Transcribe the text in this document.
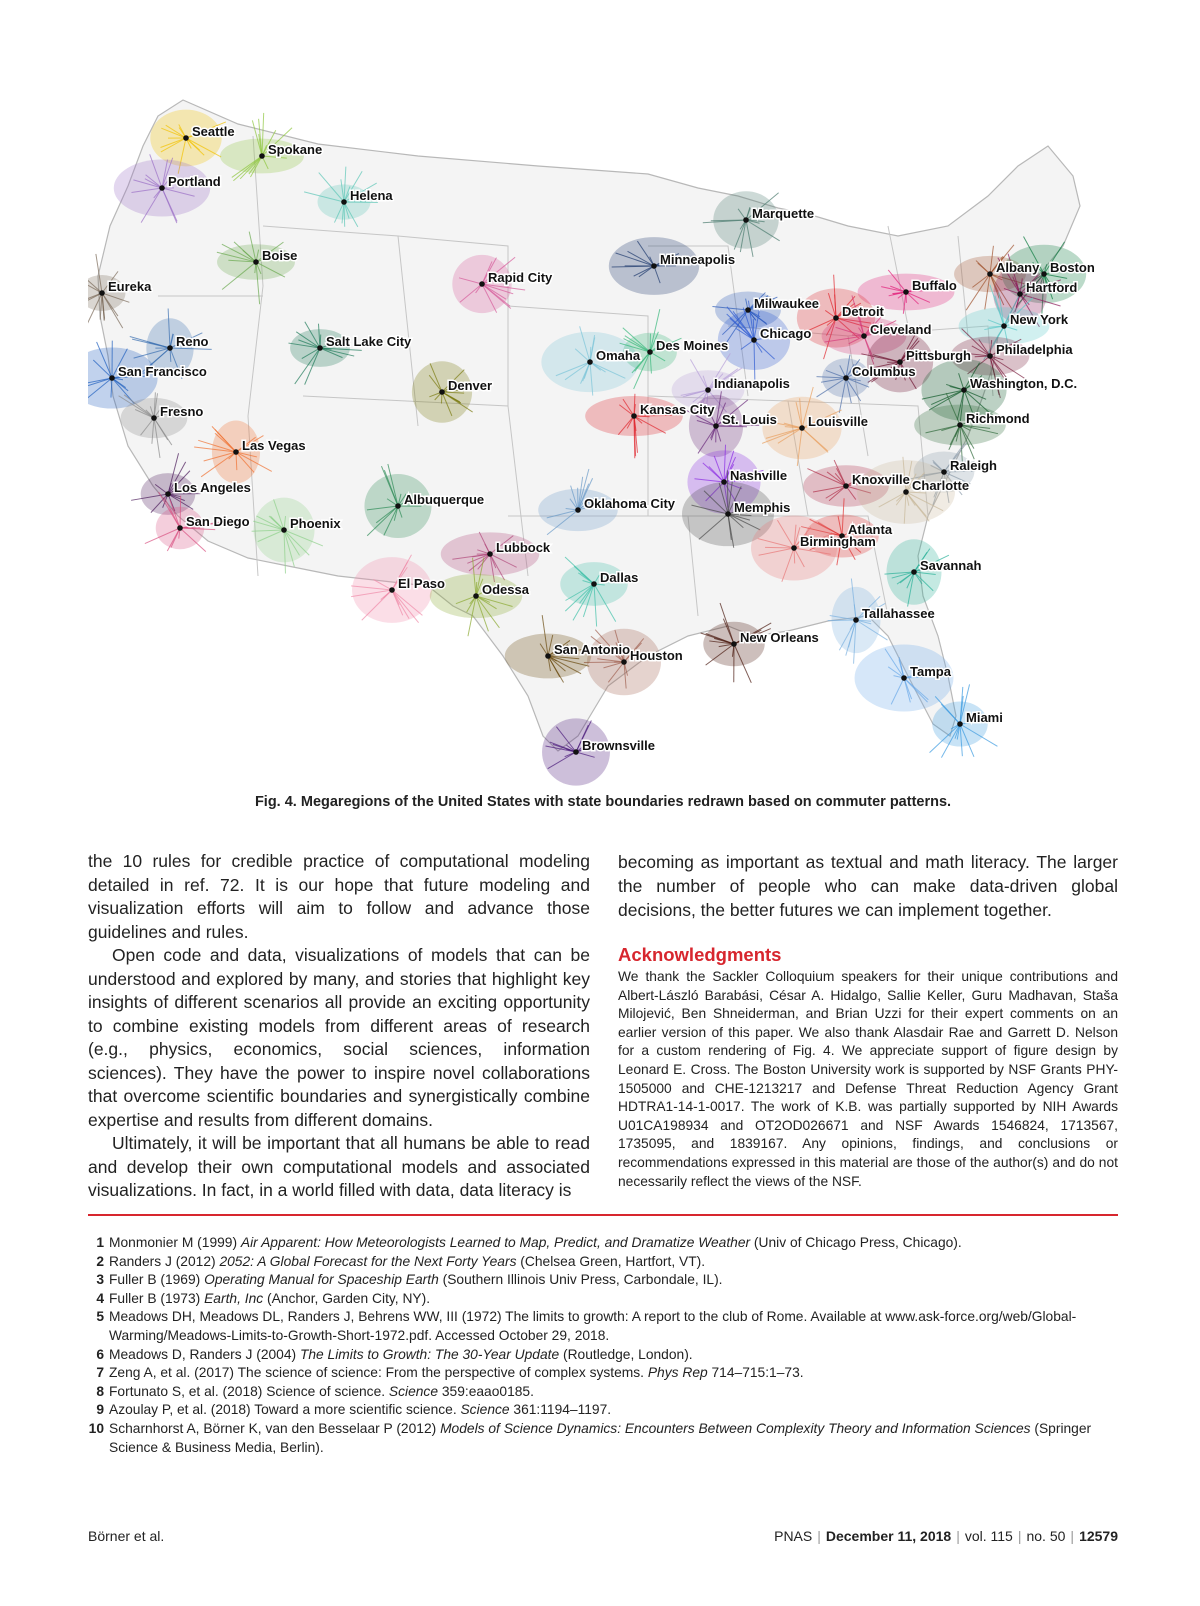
Seattle
Spokane
Portland
Helena
Marquette
Boise	Minneapolis
Eureka
Rapid City
Albany Boston
Buffalo	Hartford
Milwaukee
Detroit
New York
Reno	Salt Lake City
Chicago	Cleveland
Omaha
Des Moines
Pittsburgh Philadelphia
San Francisco	Columbus
Denver	Indianapolis	Washington, D.C.
Kansas City
St. Louis
Fresno
Louisville	Richmond
Las Vegas
Raleigh
Nashville	Knoxville Charlotte
Los Angeles
Albuquerque	Oklahoma City	Memphis
San Diego	Phoenix	Atlanta
Birmingham
Lubbock
Savannah
Dallas
El Paso	Odessa
Tallahassee
New Orleans
Houston
San Antonio
Tampa
Miami
Brownsville
Fig. 4. Megaregions of the United States with state boundaries redrawn based on commuter patterns.

the 10 rules for credible practice of computational modeling detailed in ref. 72. It is our hope that future modeling and visualization efforts will aim to follow and advance those guidelines and rules.

Open code and data, visualizations of models that can be understood and explored by many, and stories that highlight key insights of different scenarios all provide an exciting opportunity to combine existing models from different areas of research (e.g., physics, economics, social sciences, information sciences). They have the power to inspire novel collaborations that overcome scientific boundaries and synergistically combine expertise and results from different domains.

Ultimately, it will be important that all humans be able to read and develop their own computational models and associated visualizations. In fact, in a world filled with data, data literacy is

becoming as important as textual and math literacy. The larger the number of people who can make data-driven global decisions, the better futures we can implement together.

Acknowledgments

We thank the Sackler Colloquium speakers for their unique contributions and Albert-László Barabási, César A. Hidalgo, Sallie Keller, Guru Madhavan, Staša Milojević, Ben Shneiderman, and Brian Uzzi for their expert comments on an earlier version of this paper. We also thank Alasdair Rae and Garrett D. Nelson for a custom rendering of Fig. 4. We appreciate support of figure design by Leonard E. Cross. The Boston University work is supported by NSF Grants PHY-1505000 and CHE-1213217 and Defense Threat Reduction Agency Grant HDTRA1-14-1-0017. The work of K.B. was partially supported by NIH Awards U01CA198934 and OT2OD026671 and NSF Awards 1546824, 1713567, 1735095, and 1839167. Any opinions, findings, and conclusions or recommendations expressed in this material are those of the author(s) and do not necessarily reflect the views of the NSF.

1 Monmonier M (1999) Air Apparent: How Meteorologists Learned to Map, Predict, and Dramatize Weather (Univ of Chicago Press, Chicago).
2 Randers J (2012) 2052: A Global Forecast for the Next Forty Years (Chelsea Green, Hartfort, VT).
3 Fuller B (1969) Operating Manual for Spaceship Earth (Southern Illinois Univ Press, Carbondale, IL).
4 Fuller B (1973) Earth, Inc (Anchor, Garden City, NY).
5 Meadows DH, Meadows DL, Randers J, Behrens WW, III (1972) The limits to growth: A report to the club of Rome. Available at www.ask-force.org/web/Global-Warming/Meadows-Limits-to-Growth-Short-1972.pdf. Accessed October 29, 2018.
6 Meadows D, Randers J (2004) The Limits to Growth: The 30-Year Update (Routledge, London).
7 Zeng A, et al. (2017) The science of science: From the perspective of complex systems. Phys Rep 714–715:1–73.
8 Fortunato S, et al. (2018) Science of science. Science 359:eaao0185.
9 Azoulay P, et al. (2018) Toward a more scientific science. Science 361:1194–1197.
10 Scharnhorst A, Börner K, van den Besselaar P (2012) Models of Science Dynamics: Encounters Between Complexity Theory and Information Sciences (Springer Science & Business Media, Berlin).
Börner et al.	PNAS | December 11, 2018 | vol. 115 | no. 50 | 12579
